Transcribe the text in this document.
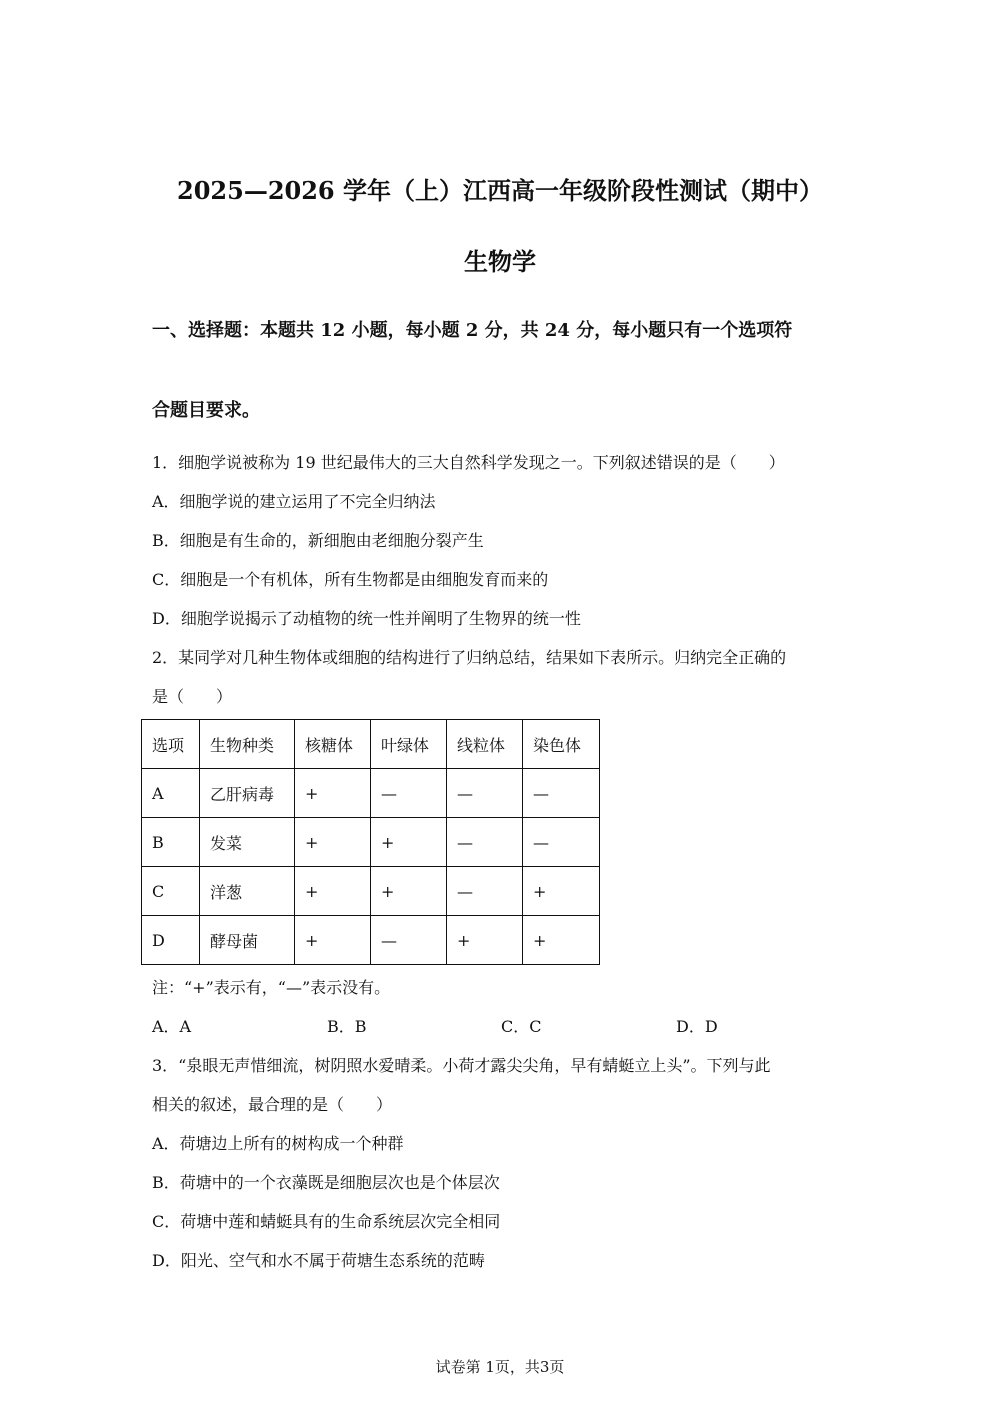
2025—2026 学年（上）江西高一年级阶段性测试（期中）
生物学
一、选择题：本题共 12 小题，每小题 2 分，共 24 分，每小题只有一个选项符
合题目要求。
1．细胞学说被称为 19 世纪最伟大的三大自然科学发现之一。下列叙述错误的是（　　）
A．细胞学说的建立运用了不完全归纳法
B．细胞是有生命的，新细胞由老细胞分裂产生
C．细胞是一个有机体，所有生物都是由细胞发育而来的
D．细胞学说揭示了动植物的统一性并阐明了生物界的统一性
2．某同学对几种生物体或细胞的结构进行了归纳总结，结果如下表所示。归纳完全正确的
是（　　）
选项	生物种类	核糖体	叶绿体	线粒体	染色体
A	乙肝病毒	+	—	—	—
B	发菜	+	+	—	—
C	洋葱	+	+	—	+
D	酵母菌	+	—	+	+
注：“+”表示有，“—”表示没有。
A．A	B．B	C．C	D．D
3．“泉眼无声惜细流，树阴照水爱晴柔。小荷才露尖尖角，早有蜻蜓立上头”。下列与此
相关的叙述，最合理的是（　　）
A．荷塘边上所有的树构成一个种群
B．荷塘中的一个衣藻既是细胞层次也是个体层次
C．荷塘中莲和蜻蜓具有的生命系统层次完全相同
D．阳光、空气和水不属于荷塘生态系统的范畴
试卷第 1页，共3页
